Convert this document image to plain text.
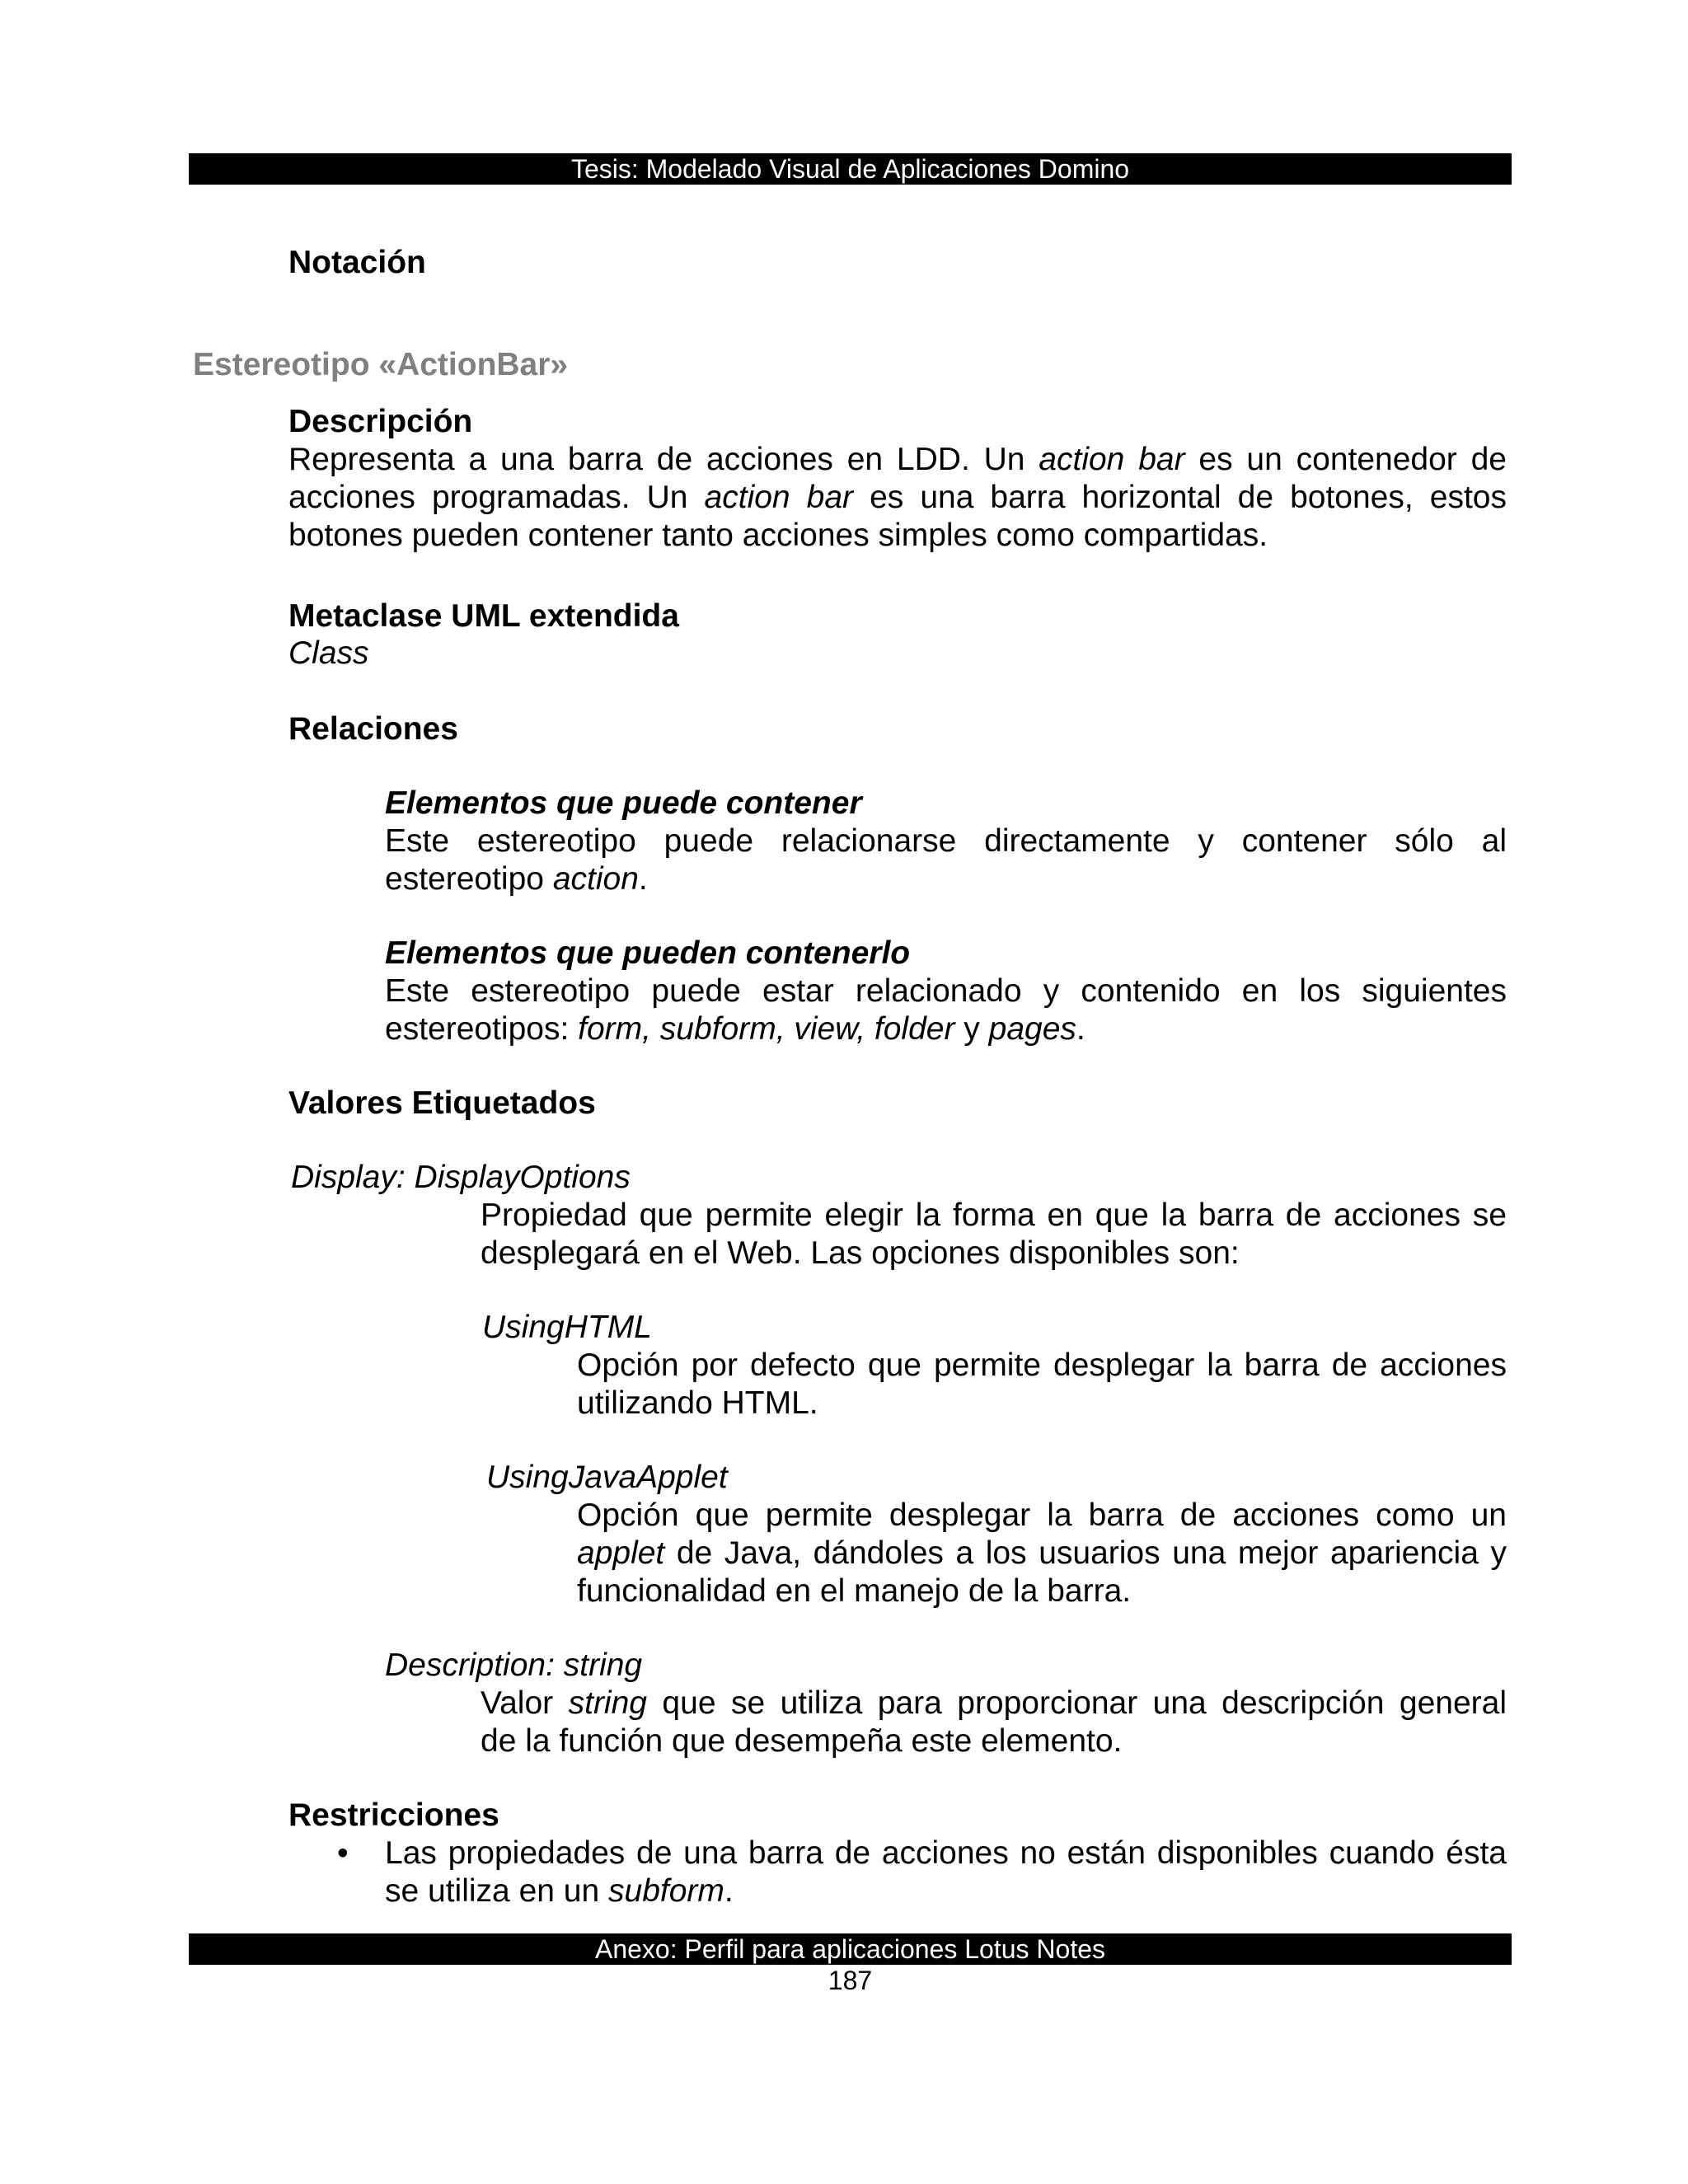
Tesis: Modelado Visual de Aplicaciones Domino
Notación
Estereotipo «ActionBar»
Descripción
Representa a una barra de acciones en LDD. Un action bar es un contenedor de
acciones programadas. Un action bar es una barra horizontal de botones, estos
botones pueden contener tanto acciones simples como compartidas.
Metaclase UML extendida
Class
Relaciones
Elementos que puede contener
Este estereotipo puede relacionarse directamente y contener sólo al
estereotipo action.
Elementos que pueden contenerlo
Este estereotipo puede estar relacionado y contenido en los siguientes
estereotipos: form, subform, view, folder y pages.
Valores Etiquetados
Display: DisplayOptions
Propiedad que permite elegir la forma en que la barra de acciones se
desplegará en el Web. Las opciones disponibles son:
UsingHTML
Opción por defecto que permite desplegar la barra de acciones
utilizando HTML.
UsingJavaApplet
Opción que permite desplegar la barra de acciones como un
applet de Java, dándoles a los usuarios una mejor apariencia y
funcionalidad en el manejo de la barra.
Description: string
Valor string que se utiliza para proporcionar una descripción general
de la función que desempeña este elemento.
Restricciones
• Las propiedades de una barra de acciones no están disponibles cuando ésta
se utiliza en un subform.
Anexo: Perfil para aplicaciones Lotus Notes
187
